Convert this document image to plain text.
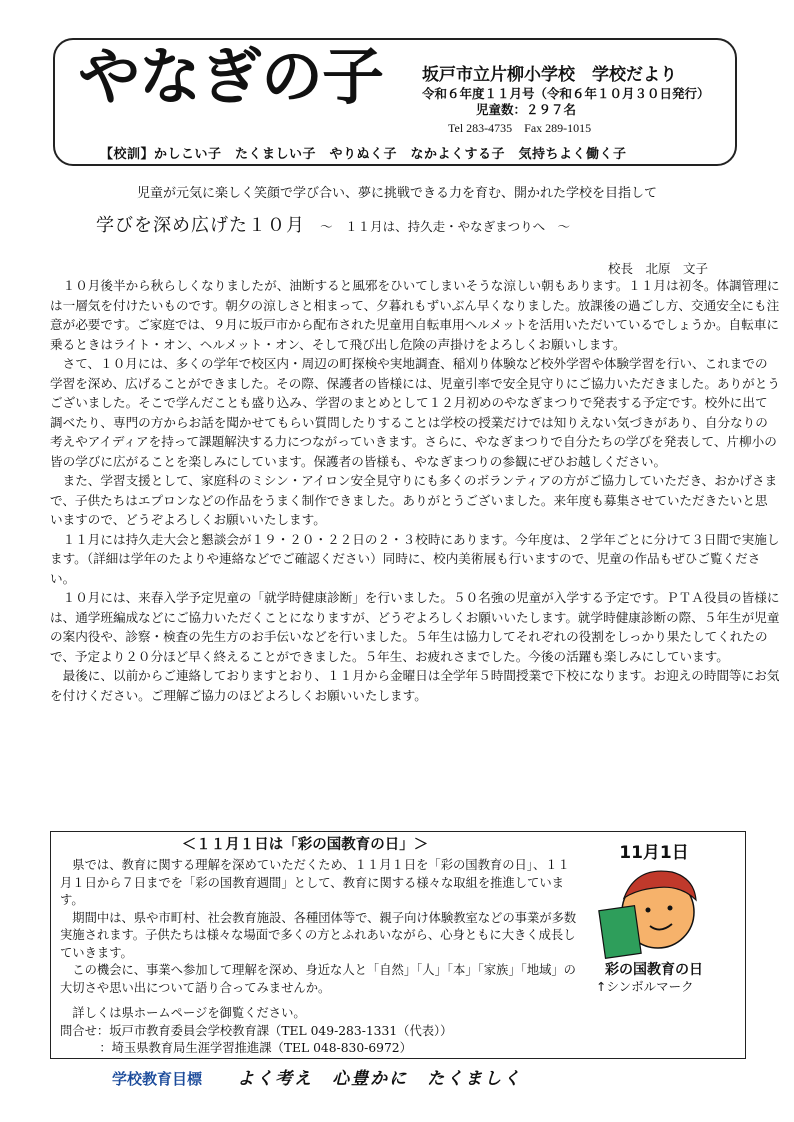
やなぎの子 坂戸市立片柳小学校　学校だより
令和６年度１１月号（令和６年１０月３０日発行）
児童数：２９７名
Tel 283-4735　Fax 289-1015
【校訓】かしこい子　たくましい子　やりぬく子　なかよくする子　気持ちよく働く子
児童が元気に楽しく笑顔で学び合い、夢に挑戦できる力を育む、開かれた学校を目指して
学びを深め広げた１０月 ～　１１月は、持久走・やなぎまつりへ　～
校長　北原　文子

１０月後半から秋らしくなりましたが、油断すると風邪をひいてしまいそうな涼しい朝もあります。１１月は初冬。体調管理には一層気を付けたいものです。朝夕の涼しさと相まって、夕暮れもずいぶん早くなりました。放課後の過ごし方、交通安全にも注意が必要です。ご家庭では、９月に坂戸市から配布された児童用自転車用ヘルメットを活用いただいているでしょうか。自転車に乗るときはライト・オン、ヘルメット・オン、そして飛び出し危険の声掛けをよろしくお願いします。

さて、１０月には、多くの学年で校区内・周辺の町探検や実地調査、稲刈り体験など校外学習や体験学習を行い、これまでの学習を深め、広げることができました。その際、保護者の皆様には、児童引率で安全見守りにご協力いただきました。ありがとうございました。そこで学んだことも盛り込み、学習のまとめとして１２月初めのやなぎまつりで発表する予定です。校外に出て調べたり、専門の方からお話を聞かせてもらい質問したりすることは学校の授業だけでは知りえない気づきがあり、自分なりの考えやアイディアを持って課題解決する力につながっていきます。さらに、やなぎまつりで自分たちの学びを発表して、片柳小の皆の学びに広がることを楽しみにしています。保護者の皆様も、やなぎまつりの参観にぜひお越しください。

また、学習支援として、家庭科のミシン・アイロン安全見守りにも多くのボランティアの方がご協力していただき、おかげさまで、子供たちはエプロンなどの作品をうまく制作できました。ありがとうございました。来年度も募集させていただきたいと思いますので、どうぞよろしくお願いいたします。

１１月には持久走大会と懇談会が１９・２０・２２日の２・３校時にあります。今年度は、２学年ごとに分けて３日間で実施します。（詳細は学年のたよりや連絡などでご確認ください）同時に、校内美術展も行いますので、児童の作品もぜひご覧ください。

１０月には、来春入学予定児童の「就学時健康診断」を行いました。５０名強の児童が入学する予定です。ＰＴＡ役員の皆様には、通学班編成などにご協力いただくことになりますが、どうぞよろしくお願いいたします。就学時健康診断の際、５年生が児童の案内役や、診察・検査の先生方のお手伝いなどを行いました。５年生は協力してそれぞれの役割をしっかり果たしてくれたので、予定より２０分ほど早く終えることができました。５年生、お疲れさまでした。今後の活躍も楽しみにしています。

最後に、以前からご連絡しておりますとおり、１１月から金曜日は全学年５時間授業で下校になります。お迎えの時間等にお気を付けください。ご理解ご協力のほどよろしくお願いいたします。

＜１１月１日は「彩の国教育の日」＞

県では、教育に関する理解を深めていただくため、１１月１日を「彩の国教育の日」、１１月１日から７日までを「彩の国教育週間」として、教育に関する様々な取組を推進しています。

期間中は、県や市町村、社会教育施設、各種団体等で、親子向け体験教室などの事業が多数実施されます。子供たちは様々な場面で多くの方とふれあいながら、心身ともに大きく成長していきます。

この機会に、事業へ参加して理解を深め、身近な人と「自然」「人」「本」「家族」「地域」の大切さや思い出について語り合ってみませんか。

詳しくは県ホームページを御覧ください。

問合せ：坂戸市教育委員会学校教育課（TEL 049-283-1331（代表））

：埼玉県教育局生涯学習推進課（TEL 048-830-6972）

11月1日
彩の国教育の日
↑シンボルマーク
学校教育目標 よく考え　心豊かに　たくましく
